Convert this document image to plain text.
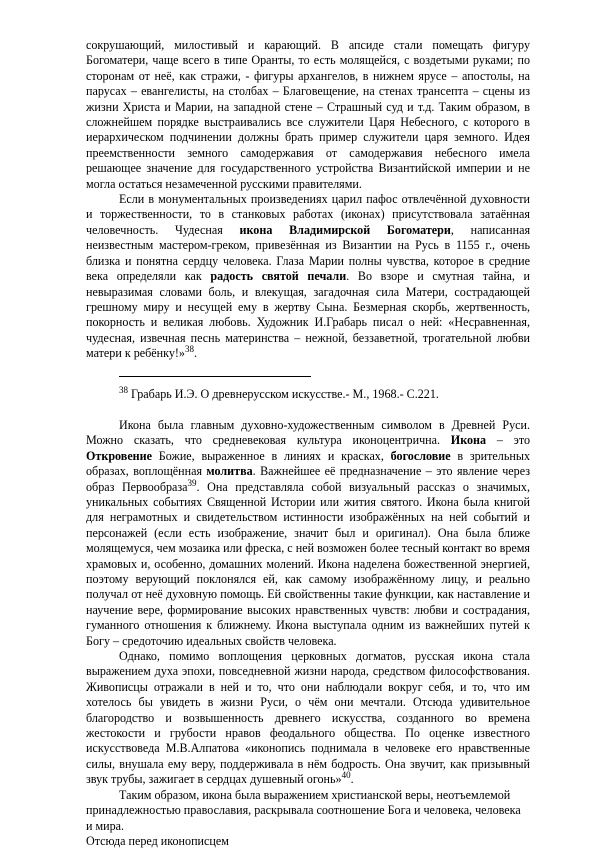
сокрушающий, милостивый и карающий. В апсиде стали помещать фигуру Богоматери, чаще всего в типе Оранты, то есть молящейся, с воздетыми руками; по сторонам от неё, как стражи, - фигуры архангелов, в нижнем ярусе – апостолы, на парусах – евангелисты, на столбах – Благовещение, на стенах трансепта – сцены из жизни Христа и Марии, на западной стене – Страшный суд и т.д. Таким образом, в сложнейшем порядке выстраивались все служители Царя Небесного, с которого в иерархическом подчинении должны брать пример служители царя земного. Идея преемственности земного самодержавия от самодержавия небесного имела решающее значение для государственного устройства Византийской империи и не могла остаться незамеченной русскими правителями.

Если в монументальных произведениях царил пафос отвлечённой духовности и торжественности, то в станковых работах (иконах) присутствовала затаённая человечность. Чудесная икона Владимирской Богоматери, написанная неизвестным мастером-греком, привезённая из Византии на Русь в 1155 г., очень близка и понятна сердцу человека. Глаза Марии полны чувства, которое в средние века определяли как радость святой печали. Во взоре и смутная тайна, и невыразимая словами боль, и влекущая, загадочная сила Матери, сострадающей грешному миру и несущей ему в жертву Сына. Безмерная скорбь, жертвенность, покорность и великая любовь. Художник И.Грабарь писал о ней: «Несравненная, чудесная, извечная песнь материнства – нежной, беззаветной, трогательной любви матери к ребёнку!»$^{38}$.

$^{38}$ Грабарь И.Э. О древнерусском искусстве.- М., 1968.- С.221.

Икона была главным духовно-художественным символом в Древней Руси. Можно сказать, что средневековая культура иконоцентрична. Икона – это Откровение Божие, выраженное в линиях и красках, богословие в зрительных образах, воплощённая молитва. Важнейшее её предназначение – это явление через образ Первообраза$^{39}$. Она представляла собой визуальный рассказ о значимых, уникальных событиях Священной Истории или жития святого. Икона была книгой для неграмотных и свидетельством истинности изображённых на ней событий и персонажей (если есть изображение, значит был и оригинал). Она была ближе молящемуся, чем мозаика или фреска, с ней возможен более тесный контакт во время храмовых и, особенно, домашних молений. Икона наделена божественной энергией, поэтому верующий поклонялся ей, как самому изображённому лицу, и реально получал от неё духовную помощь. Ей свойственны такие функции, как наставление и научение вере, формирование высоких нравственных чувств: любви и сострадания, гуманного отношения к ближнему. Икона выступала одним из важнейших путей к Богу – средоточию идеальных свойств человека.

Однако, помимо воплощения церковных догматов, русская икона стала выражением духа эпохи, повседневной жизни народа, средством философствования. Живописцы отражали в ней и то, что они наблюдали вокруг себя, и то, что им хотелось бы увидеть в жизни Руси, о чём они мечтали. Отсюда удивительное благородство и возвышенность древнего искусства, созданного во времена жестокости и грубости нравов феодального общества. По оценке известного искусствоведа М.В.Алпатова «иконопись поднимала в человеке его нравственные силы, внушала ему веру, поддерживала в нём бодрость. Она звучит, как призывный звук трубы, зажигает в сердцах душевный огонь»$^{40}$.

Таким образом, икона была выражением христианской веры, неотъемлемой

принадлежностью православия, раскрывала соотношение Бога и человека, человека и мира.

Отсюда перед иконописцем
